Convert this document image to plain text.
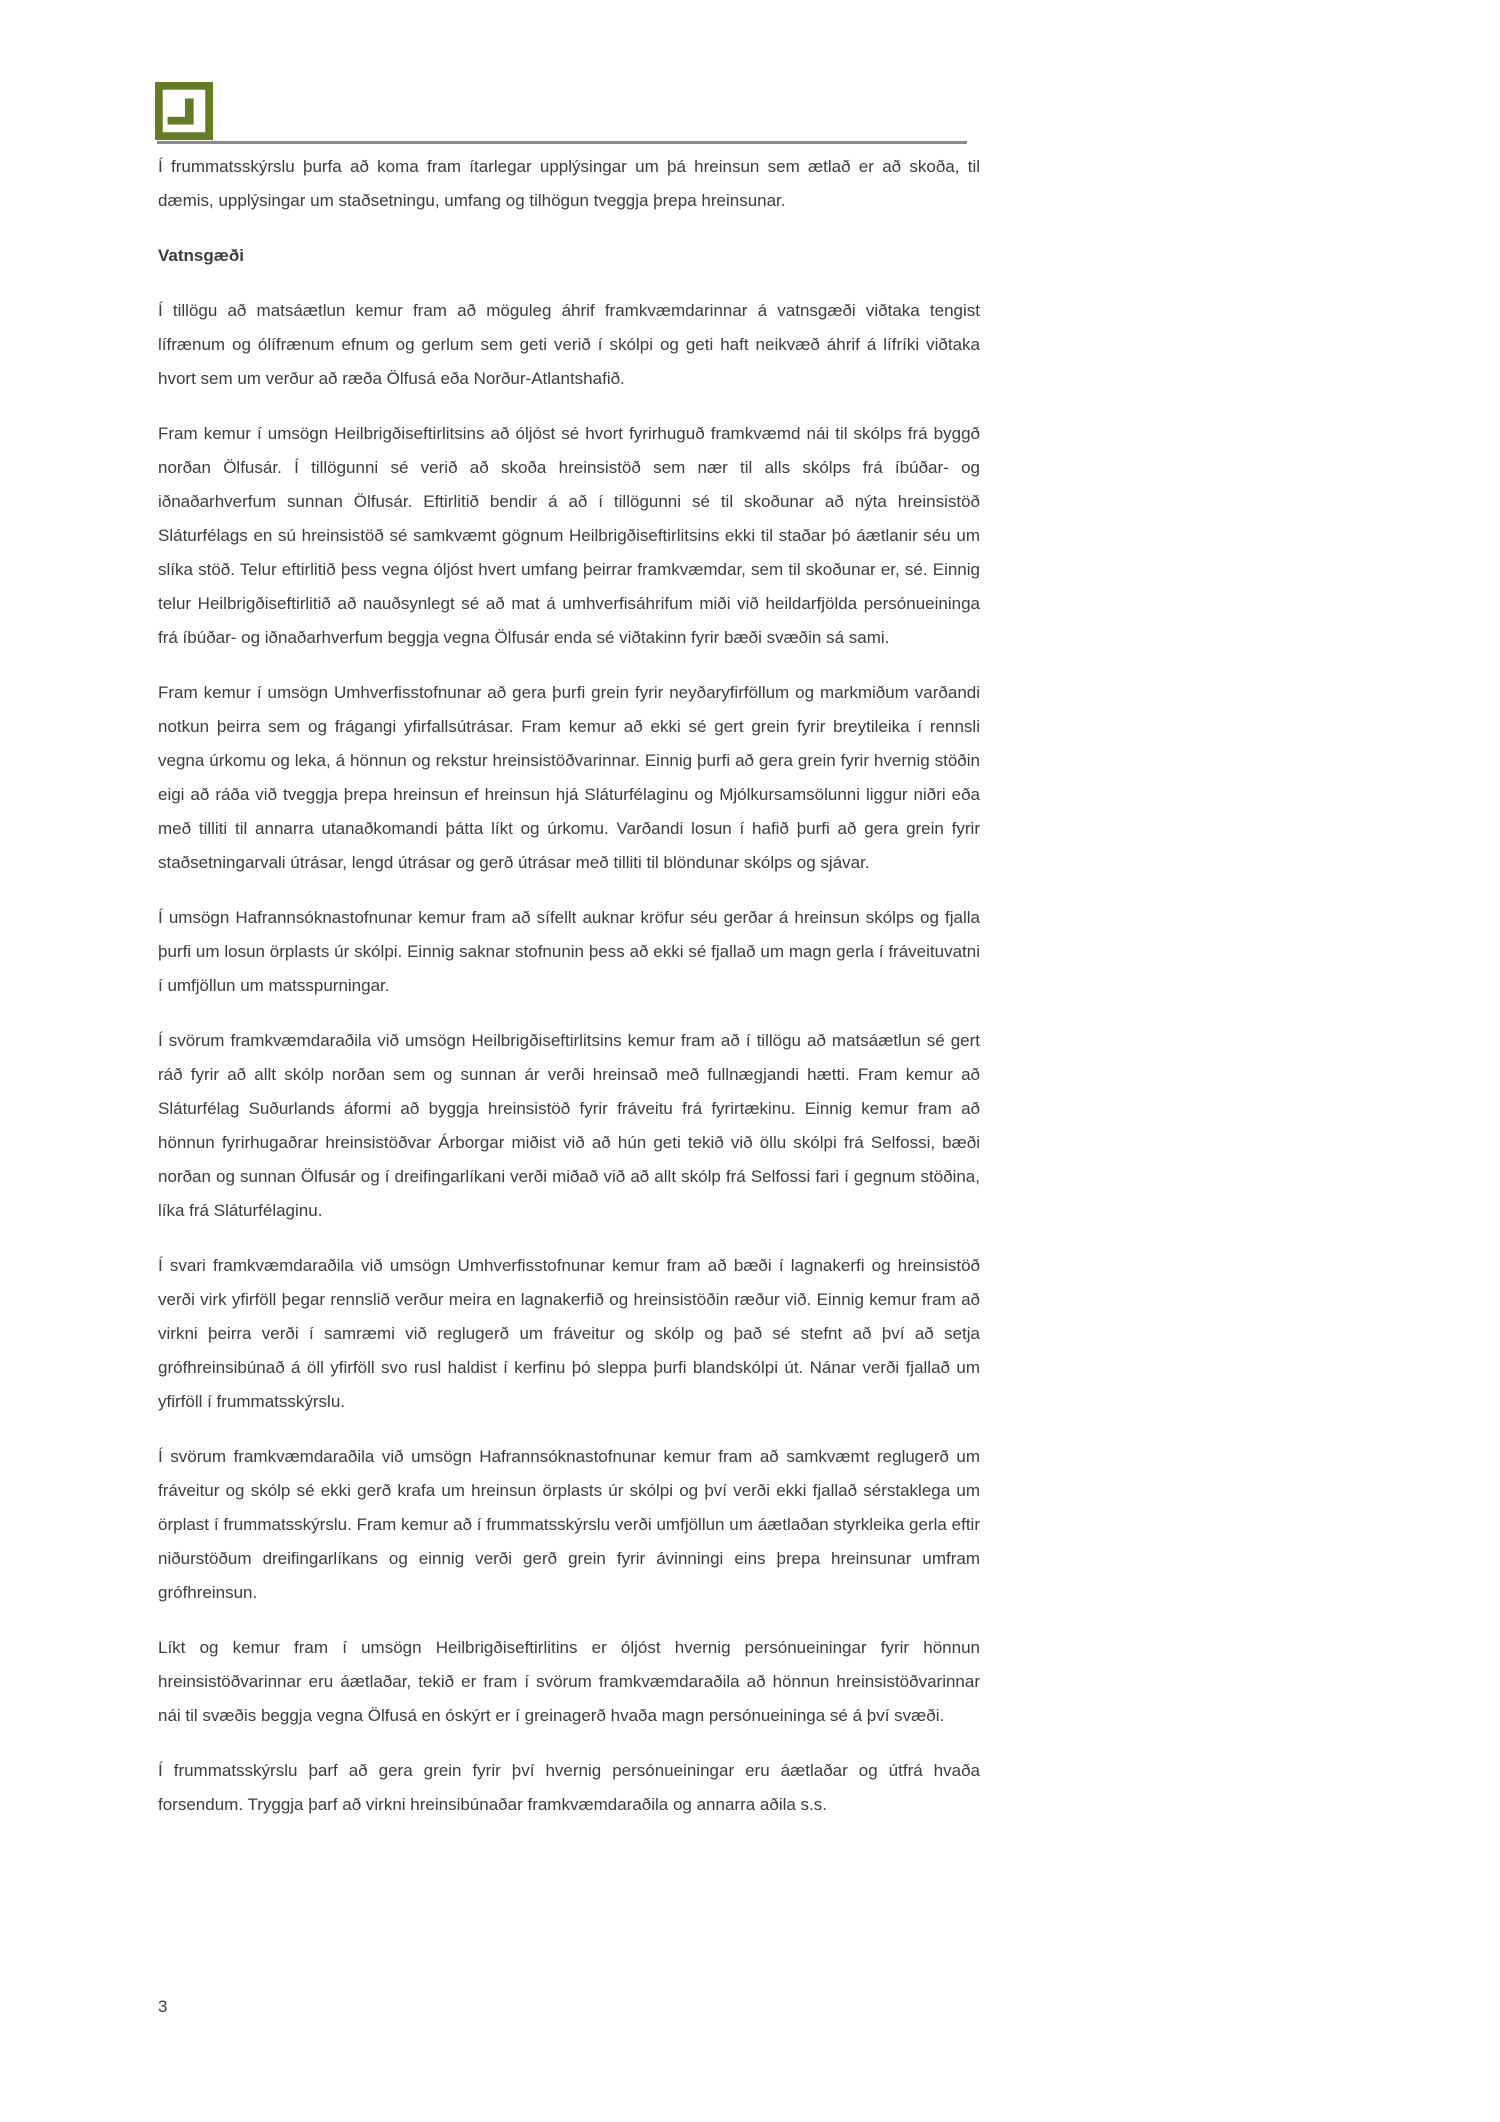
Í frummatsskýrslu þurfa að koma fram ítarlegar upplýsingar um þá hreinsun sem ætlað er að skoða, til dæmis, upplýsingar um staðsetningu, umfang og tilhögun tveggja þrepa hreinsunar.

Vatnsgæði

Í tillögu að matsáætlun kemur fram að möguleg áhrif framkvæmdarinnar á vatnsgæði viðtaka tengist lífrænum og ólífrænum efnum og gerlum sem geti verið í skólpi og geti haft neikvæð áhrif á lífríki viðtaka hvort sem um verður að ræða Ölfusá eða Norður-Atlantshafið.

Fram kemur í umsögn Heilbrigðiseftirlitsins að óljóst sé hvort fyrirhuguð framkvæmd nái til skólps frá byggð norðan Ölfusár. Í tillögunni sé verið að skoða hreinsistöð sem nær til alls skólps frá íbúðar- og iðnaðarhverfum sunnan Ölfusár. Eftirlitið bendir á að í tillögunni sé til skoðunar að nýta hreinsistöð Sláturfélags en sú hreinsistöð sé samkvæmt gögnum Heilbrigðiseftirlitsins ekki til staðar þó áætlanir séu um slíka stöð. Telur eftirlitið þess vegna óljóst hvert umfang þeirrar framkvæmdar, sem til skoðunar er, sé. Einnig telur Heilbrigðiseftirlitið að nauðsynlegt sé að mat á umhverfisáhrifum miði við heildarfjölda persónueininga frá íbúðar- og iðnaðarhverfum beggja vegna Ölfusár enda sé viðtakinn fyrir bæði svæðin sá sami.

Fram kemur í umsögn Umhverfisstofnunar að gera þurfi grein fyrir neyðaryfirföllum og markmiðum varðandi notkun þeirra sem og frágangi yfirfallsútrásar. Fram kemur að ekki sé gert grein fyrir breytileika í rennsli vegna úrkomu og leka, á hönnun og rekstur hreinsistöðvarinnar. Einnig þurfi að gera grein fyrir hvernig stöðin eigi að ráða við tveggja þrepa hreinsun ef hreinsun hjá Sláturfélaginu og Mjólkursamsölunni liggur niðri eða með tilliti til annarra utanaðkomandi þátta líkt og úrkomu. Varðandi losun í hafið þurfi að gera grein fyrir staðsetningarvali útrásar, lengd útrásar og gerð útrásar með tilliti til blöndunar skólps og sjávar.

Í umsögn Hafrannsóknastofnunar kemur fram að sífellt auknar kröfur séu gerðar á hreinsun skólps og fjalla þurfi um losun örplasts úr skólpi. Einnig saknar stofnunin þess að ekki sé fjallað um magn gerla í fráveituvatni í umfjöllun um matsspurningar.

Í svörum framkvæmdaraðila við umsögn Heilbrigðiseftirlitsins kemur fram að í tillögu að matsáætlun sé gert ráð fyrir að allt skólp norðan sem og sunnan ár verði hreinsað með fullnægjandi hætti. Fram kemur að Sláturfélag Suðurlands áformi að byggja hreinsistöð fyrir fráveitu frá fyrirtækinu. Einnig kemur fram að hönnun fyrirhugaðrar hreinsistöðvar Árborgar miðist við að hún geti tekið við öllu skólpi frá Selfossi, bæði norðan og sunnan Ölfusár og í dreifingarlíkani verði miðað við að allt skólp frá Selfossi fari í gegnum stöðina, líka frá Sláturfélaginu.

Í svari framkvæmdaraðila við umsögn Umhverfisstofnunar kemur fram að bæði í lagnakerfi og hreinsistöð verði virk yfirföll þegar rennslið verður meira en lagnakerfið og hreinsistöðin ræður við. Einnig kemur fram að virkni þeirra verði í samræmi við reglugerð um fráveitur og skólp og það sé stefnt að því að setja grófhreinsibúnað á öll yfirföll svo rusl haldist í kerfinu þó sleppa þurfi blandskólpi út. Nánar verði fjallað um yfirföll í frummatsskýrslu.

Í svörum framkvæmdaraðila við umsögn Hafrannsóknastofnunar kemur fram að samkvæmt reglugerð um fráveitur og skólp sé ekki gerð krafa um hreinsun örplasts úr skólpi og því verði ekki fjallað sérstaklega um örplast í frummatsskýrslu. Fram kemur að í frummatsskýrslu verði umfjöllun um áætlaðan styrkleika gerla eftir niðurstöðum dreifingarlíkans og einnig verði gerð grein fyrir ávinningi eins þrepa hreinsunar umfram grófhreinsun.

Líkt og kemur fram í umsögn Heilbrigðiseftirlitins er óljóst hvernig persónueiningar fyrir hönnun hreinsistöðvarinnar eru áætlaðar, tekið er fram í svörum framkvæmdaraðila að hönnun hreinsistöðvarinnar nái til svæðis beggja vegna Ölfusá en óskýrt er í greinagerð hvaða magn persónueininga sé á því svæði.

Í frummatsskýrslu þarf að gera grein fyrir því hvernig persónueiningar eru áætlaðar og útfrá hvaða forsendum. Tryggja þarf að virkni hreinsibúnaðar framkvæmdaraðila og annarra aðila s.s.

3
